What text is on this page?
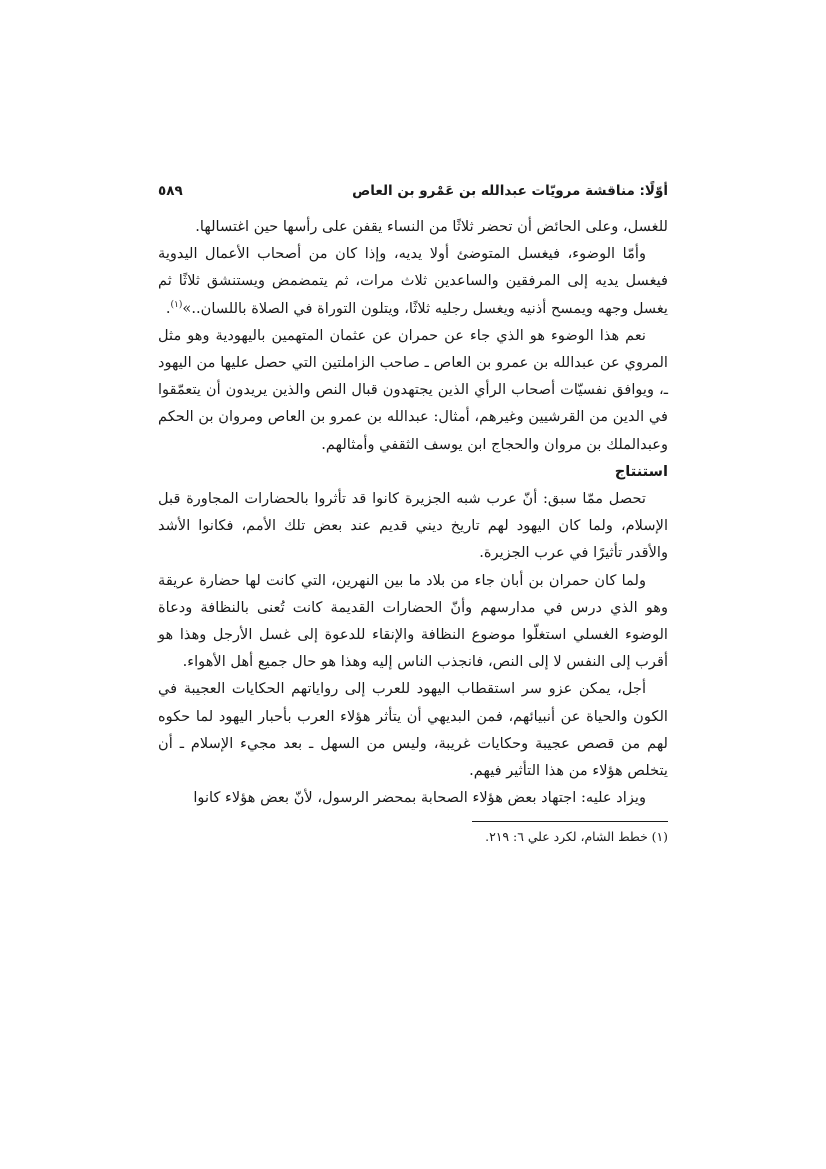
أوّلًا: مناقشة مرويّات عبدالله بن عَمْرو بن العاص
٥٨٩

للغسل، وعلى الحائض أن تحضر ثلاثًا من النساء يقفن على رأسها حين اغتسالها.

وأمّا الوضوء، فيغسل المتوضئ أولا يديه، وإذا كان من أصحاب الأعمال اليدوية فيغسل يديه إلى المرفقين والساعدين ثلاث مرات، ثم يتمضمض ويستنشق ثلاثًا ثم يغسل وجهه ويمسح أذنيه ويغسل رجليه ثلاثًا، ويتلون التوراة في الصلاة باللسان..»$^{(١)}$.

نعم هذا الوضوء هو الذي جاء عن حمران عن عثمان المتهمين باليهودية وهو مثل المروي عن عبدالله بن عمرو بن العاص ـ صاحب الزاملتين التي حصل عليها من اليهود ـ، ويوافق نفسيّات أصحاب الرأي الذين يجتهدون قبال النص والذين يريدون أن يتعمّقوا في الدين من القرشيين وغيرهم، أمثال: عبدالله بن عمرو بن العاص ومروان بن الحكم وعبدالملك بن مروان والحجاج ابن يوسف الثقفي وأمثالهم.

استنتاج

تحصل ممّا سبق: أنّ عرب شبه الجزيرة كانوا قد تأثروا بالحضارات المجاورة قبل الإسلام، ولما كان اليهود لهم تاريخ ديني قديم عند بعض تلك الأمم، فكانوا الأشد والأقدر تأثيرًا في عرب الجزيرة.

ولما كان حمران بن أبان جاء من بلاد ما بين النهرين، التي كانت لها حضارة عريقة وهو الذي درس في مدارسهم وأنّ الحضارات القديمة كانت تُعنى بالنظافة ودعاة الوضوء الغسلي استغلّوا موضوع النظافة والإنقاء للدعوة إلى غسل الأرجل وهذا هو أقرب إلى النفس لا إلى النص، فانجذب الناس إليه وهذا هو حال جميع أهل الأهواء.

أجل، يمكن عزو سر استقطاب اليهود للعرب إلى رواياتهم الحكايات العجيبة في الكون والحياة عن أنبيائهم، فمن البديهي أن يتأثر هؤلاء العرب بأحبار اليهود لما حكوه لهم من قصص عجيبة وحكايات غريبة، وليس من السهل ـ بعد مجيء الإسلام ـ أن يتخلص هؤلاء من هذا التأثير فيهم.

ويزاد عليه: اجتهاد بعض هؤلاء الصحابة بمحضر الرسول، لأنّ بعض هؤلاء كانوا

(١) خطط الشام، لكرد علي ٦: ٢١٩.
